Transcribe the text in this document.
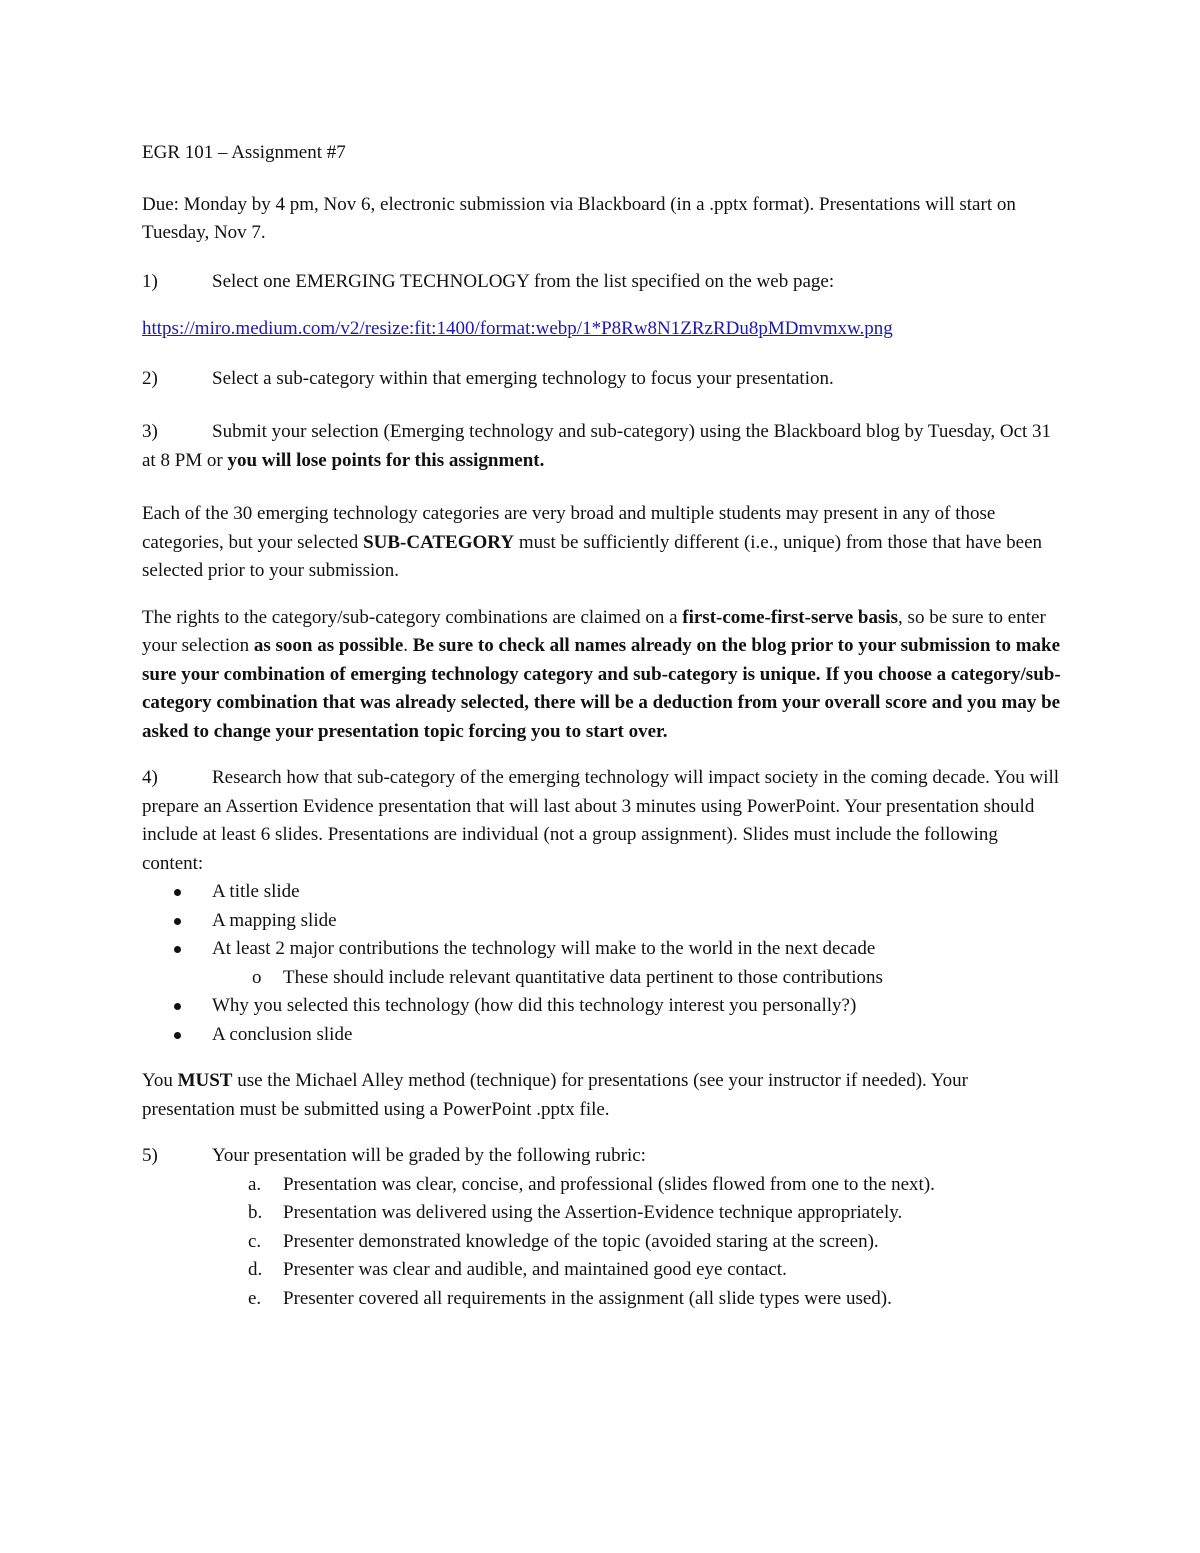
EGR 101 – Assignment #7

Due: Monday by 4 pm, Nov 6, electronic submission via Blackboard (in a .pptx format). Presentations will start on Tuesday, Nov 7.

1)	Select one EMERGING TECHNOLOGY from the list specified on the web page:
https://miro.medium.com/v2/resize:fit:1400/format:webp/1*P8Rw8N1ZRzRDu8pMDmvmxw.png
2)	Select a sub-category within that emerging technology to focus your presentation.
3)	Submit your selection (Emerging technology and sub-category) using the Blackboard blog by Tuesday, Oct 31 at 8 PM or you will lose points for this assignment.

Each of the 30 emerging technology categories are very broad and multiple students may present in any of those categories, but your selected SUB-CATEGORY must be sufficiently different (i.e., unique) from those that have been selected prior to your submission.

The rights to the category/sub-category combinations are claimed on a first-come-first-serve basis, so be sure to enter your selection as soon as possible. Be sure to check all names already on the blog prior to your submission to make sure your combination of emerging technology category and sub-category is unique. If you choose a category/sub-category combination that was already selected, there will be a deduction from your overall score and you may be asked to change your presentation topic forcing you to start over.

4)	Research how that sub-category of the emerging technology will impact society in the coming decade. You will prepare an Assertion Evidence presentation that will last about 3 minutes using PowerPoint. Your presentation should include at least 6 slides. Presentations are individual (not a group assignment). Slides must include the following content:
A title slide
A mapping slide
At least 2 major contributions the technology will make to the world in the next decade
o These should include relevant quantitative data pertinent to those contributions
Why you selected this technology (how did this technology interest you personally?)
A conclusion slide

You MUST use the Michael Alley method (technique) for presentations (see your instructor if needed). Your presentation must be submitted using a PowerPoint .pptx file.

5)	Your presentation will be graded by the following rubric:
a. Presentation was clear, concise, and professional (slides flowed from one to the next).
b. Presentation was delivered using the Assertion-Evidence technique appropriately.
c. Presenter demonstrated knowledge of the topic (avoided staring at the screen).
d. Presenter was clear and audible, and maintained good eye contact.
e. Presenter covered all requirements in the assignment (all slide types were used).
